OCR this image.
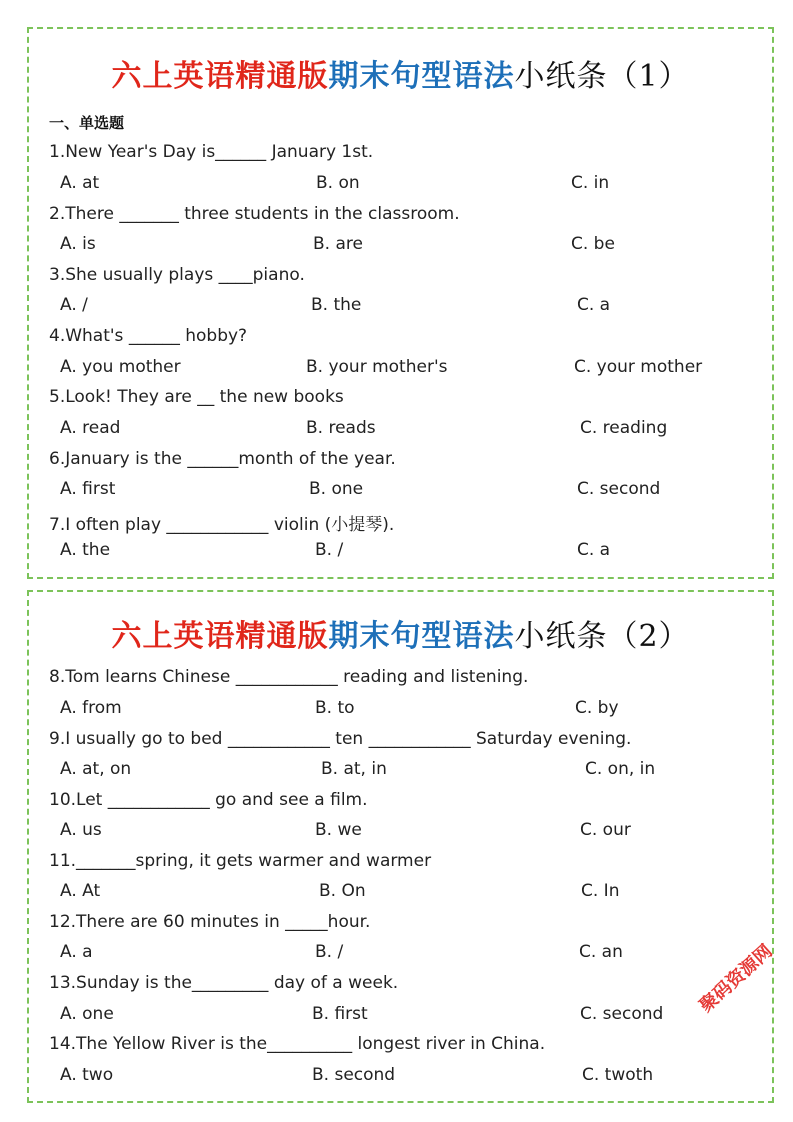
六上英语精通版期末句型语法小纸条（1）
一、单选题
1.New Year's Day is______ January 1st.
A. at	B. on	C. in
2.There _______ three students in the classroom.
A. is	B. are	C. be
3.She usually plays ____piano.
A. /	B. the	C. a
4.What's ______ hobby?
A. you mother	B. your mother's	C. your mother
5.Look! They are __ the new books
A. read	B. reads	C. reading
6.January is the ______month of the year.
A. first	B. one	C. second
7.I often play ____________ violin (小提琴).
A. the	B. /	C. a
六上英语精通版期末句型语法小纸条（2）
8.Tom learns Chinese ____________ reading and listening.
A. from	B. to	C. by
9.I usually go to bed ____________ ten ____________ Saturday evening.
A. at, on	B. at, in	C. on, in
10.Let ____________ go and see a film.
A. us	B. we	C. our
11._______spring, it gets warmer and warmer
A. At	B. On	C. In
12.There are 60 minutes in _____hour.
A. a	B. /	C. an
13.Sunday is the_________ day of a week.
A. one	B. first	C. second
14.The Yellow River is the__________ longest river in China.
A. two	B. second	C. twoth
聚码资源网
